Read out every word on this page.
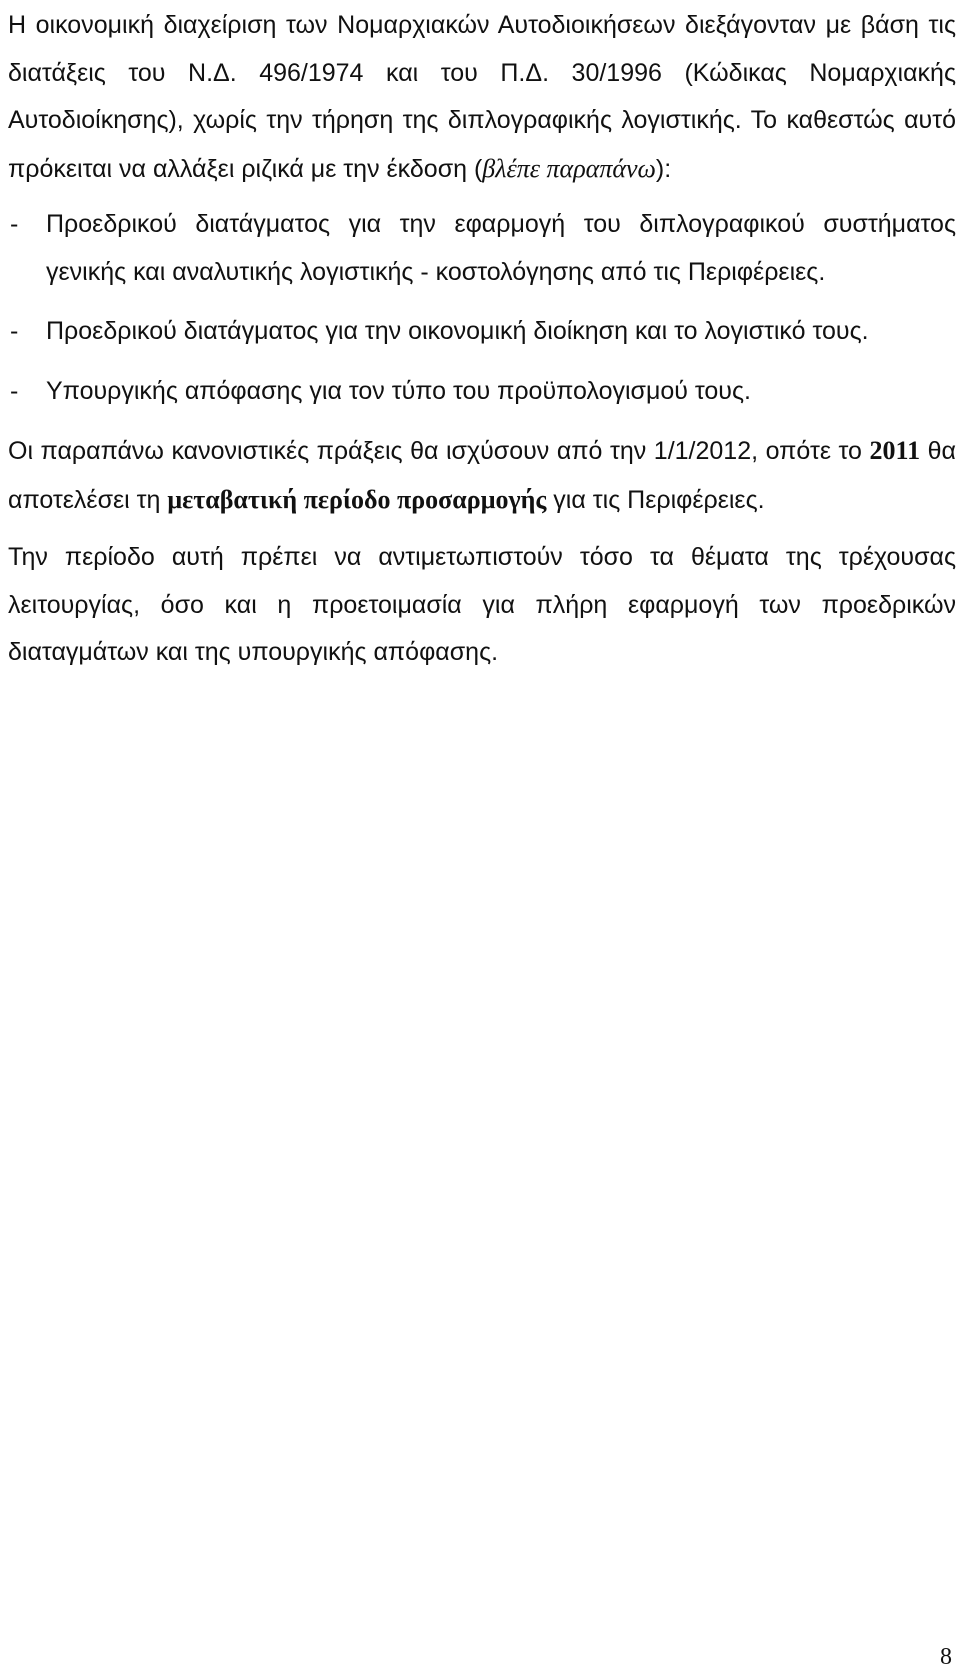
Η οικονομική διαχείριση των Νομαρχιακών Αυτοδιοικήσεων διεξάγονταν με βάση τις διατάξεις του Ν.Δ. 496/1974 και του Π.Δ. 30/1996 (Κώδικας Νομαρχιακής Αυτοδιοίκησης), χωρίς την τήρηση της διπλογραφικής λογιστικής. Το καθεστώς αυτό πρόκειται να αλλάξει ριζικά με την έκδοση (βλέπε παραπάνω):

-	Προεδρικού διατάγματος για την εφαρμογή του διπλογραφικού συστήματος γενικής και αναλυτικής λογιστικής - κοστολόγησης από τις Περιφέρειες.
-	Προεδρικού διατάγματος για την οικονομική διοίκηση και το λογιστικό τους.
-	Υπουργικής απόφασης για τον τύπο του προϋπολογισμού τους.

Οι παραπάνω κανονιστικές πράξεις θα ισχύσουν από την 1/1/2012, οπότε το 2011 θα αποτελέσει τη μεταβατική περίοδο προσαρμογής για τις Περιφέρειες.

Την περίοδο αυτή πρέπει να αντιμετωπιστούν τόσο τα θέματα της τρέχουσας λειτουργίας, όσο και η προετοιμασία για πλήρη εφαρμογή των προεδρικών διαταγμάτων και της υπουργικής απόφασης.

8
